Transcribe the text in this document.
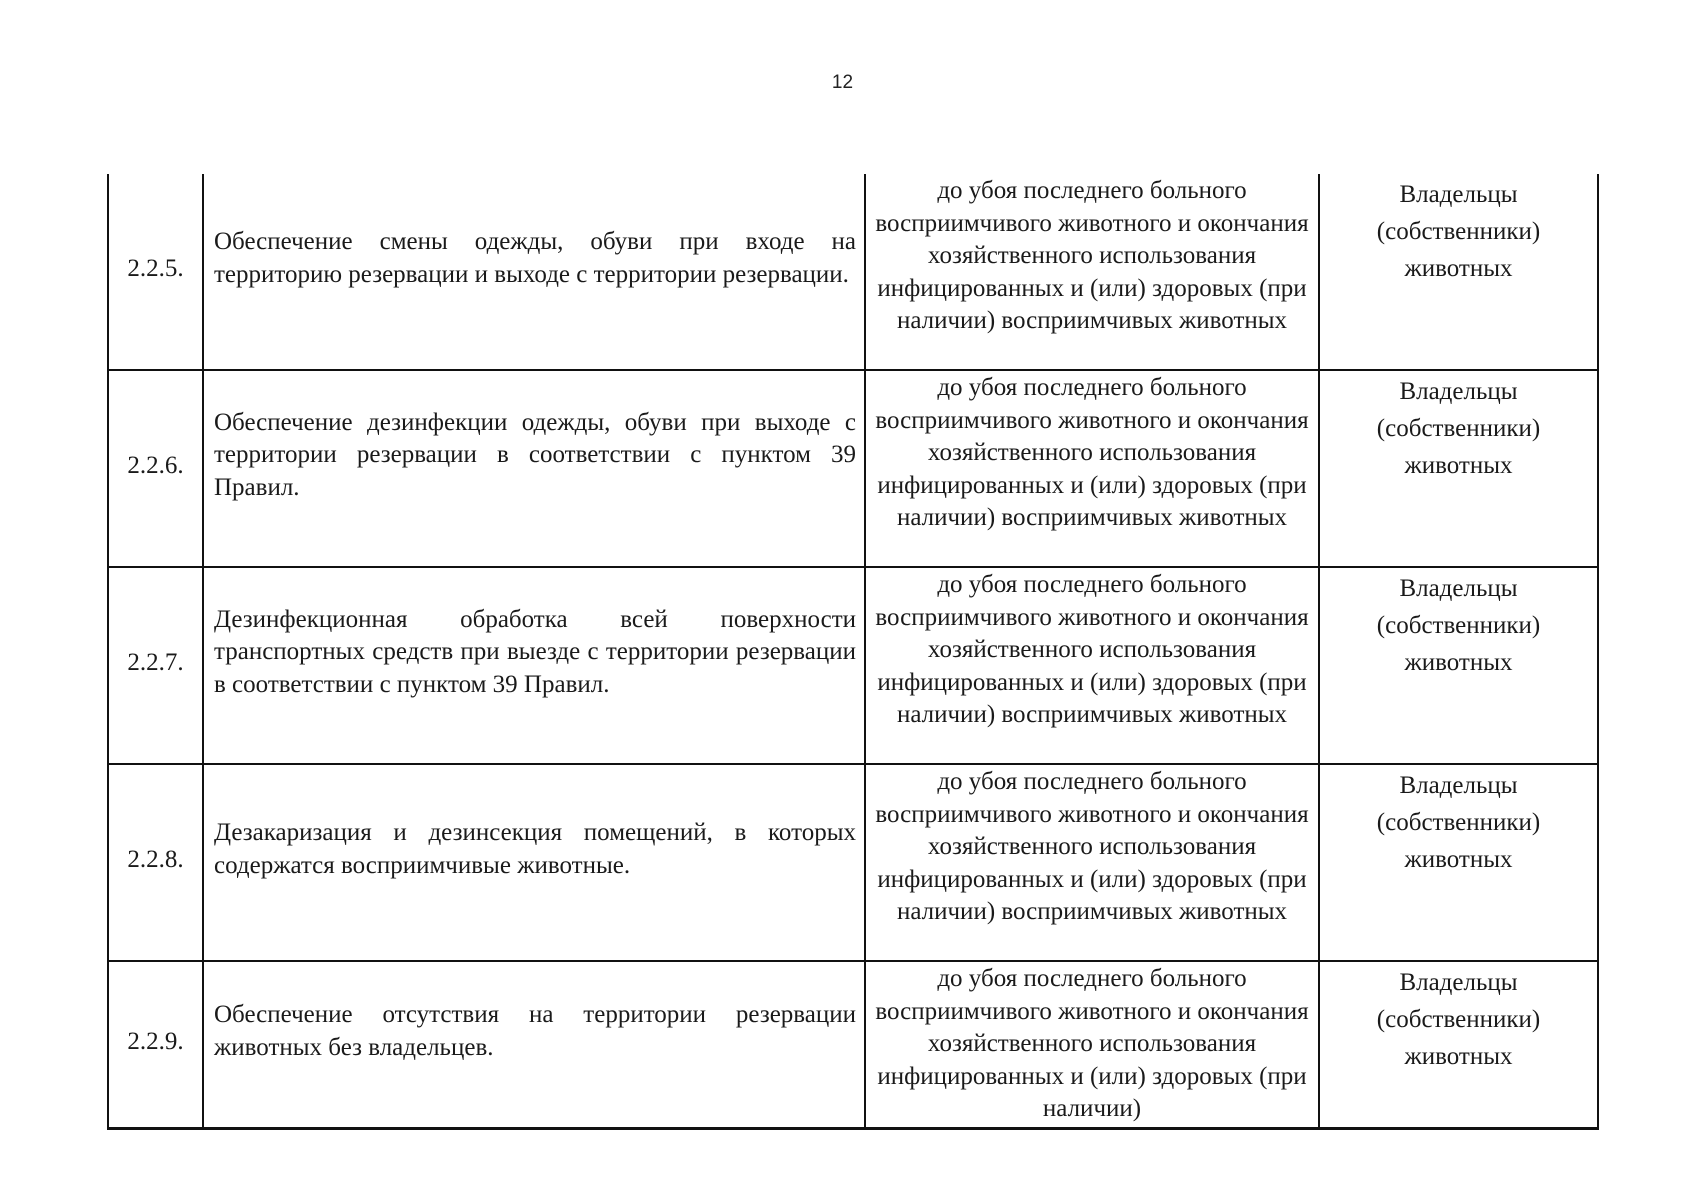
12
2.2.5.	Обеспечение смены одежды, обуви при входе на территорию резервации и выходе с территории резервации.	до убоя последнего больного восприимчивого животного и окончания хозяйственного использования инфицированных и (или) здоровых (при наличии) восприимчивых животных	Владельцы (собственники) животных

2.2.6.	Обеспечение дезинфекции одежды, обуви при выходе с территории резервации в соответствии с пунктом 39 Правил.	до убоя последнего больного восприимчивого животного и окончания хозяйственного использования инфицированных и (или) здоровых (при наличии) восприимчивых животных	Владельцы (собственники) животных

2.2.7.	Дезинфекционная обработка всей поверхности транспортных средств при выезде с территории резервации в соответствии с пунктом 39 Правил.	до убоя последнего больного восприимчивого животного и окончания хозяйственного использования инфицированных и (или) здоровых (при наличии) восприимчивых животных	Владельцы (собственники) животных

2.2.8.	Дезакаризация и дезинсекция помещений, в которых содержатся восприимчивые животные.	до убоя последнего больного восприимчивого животного и окончания хозяйственного использования инфицированных и (или) здоровых (при наличии) восприимчивых животных	Владельцы (собственники) животных

2.2.9.	Обеспечение отсутствия на территории резервации животных без владельцев.	до убоя последнего больного восприимчивого животного и окончания хозяйственного использования инфицированных и (или) здоровых (при наличии)	Владельцы (собственники) животных
